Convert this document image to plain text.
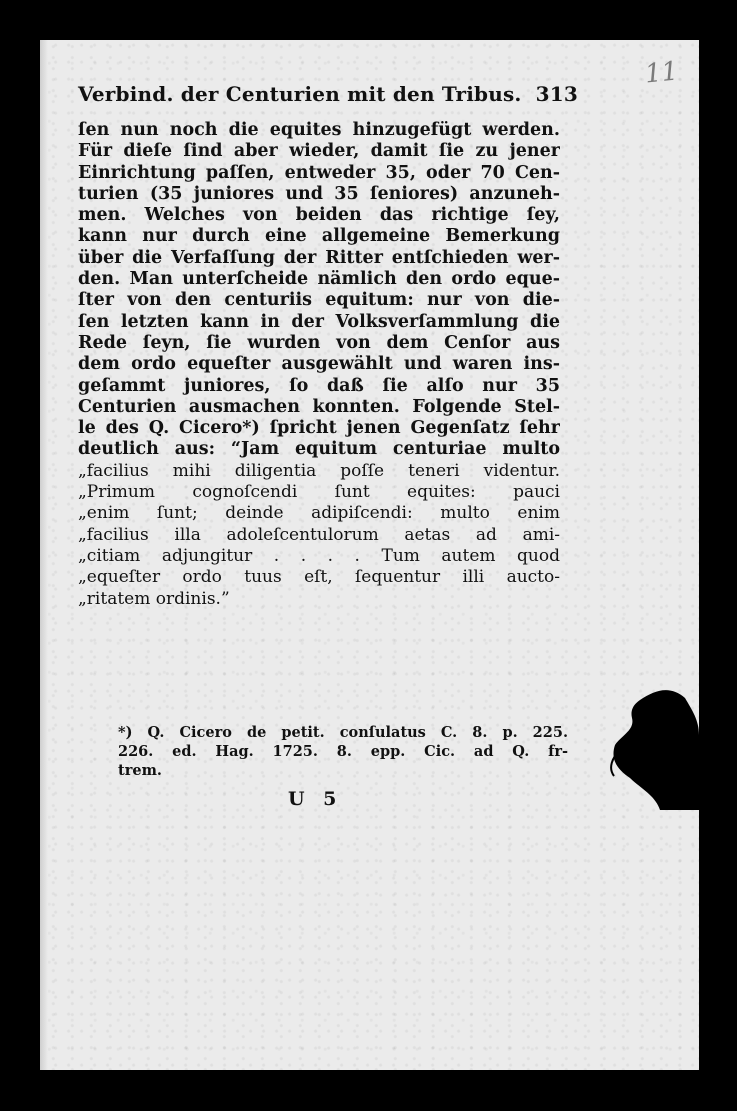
11
Verbind. der Centurien mit den Tribus. 313
ſen nun noch die equites hinzugefügt werden.
Für dieſe ſind aber wieder, damit ſie zu jener
Einrichtung paſſen, entweder 35, oder 70 Cen-
turien (35 juniores und 35 ſeniores) anzuneh-
men. Welches von beiden das richtige ſey,
kann nur durch eine allgemeine Bemerkung
über die Verfaſſung der Ritter entſchieden wer-
den. Man unterſcheide nämlich den ordo eque-
ſter von den centuriis equitum: nur von die-
ſen letzten kann in der Volksverſammlung die
Rede ſeyn, ſie wurden von dem Cenſor aus
dem ordo equeſter ausgewählt und waren ins-
geſammt juniores, ſo daß ſie alſo nur 35
Centurien ausmachen konnten. Folgende Stel-
le des Q. Cicero*) ſpricht jenen Gegenſatz ſehr
deutlich aus: “Jam equitum centuriae multo
„facilius mihi diligentia poſſe teneri videntur.
„Primum cognoſcendi ſunt equites: pauci
„enim ſunt; deinde adipiſcendi: multo enim
„facilius illa adoleſcentulorum aetas ad ami-
„citiam adjungitur . . . . Tum autem quod
„equeſter ordo tuus eſt, ſequentur illi aucto-
„ritatem ordinis.”
*) Q. Cicero de petit. conſulatus C. 8. p. 225.
226. ed. Hag. 1725. 8. epp. Cic. ad Q. fr-
trem.
U 5
